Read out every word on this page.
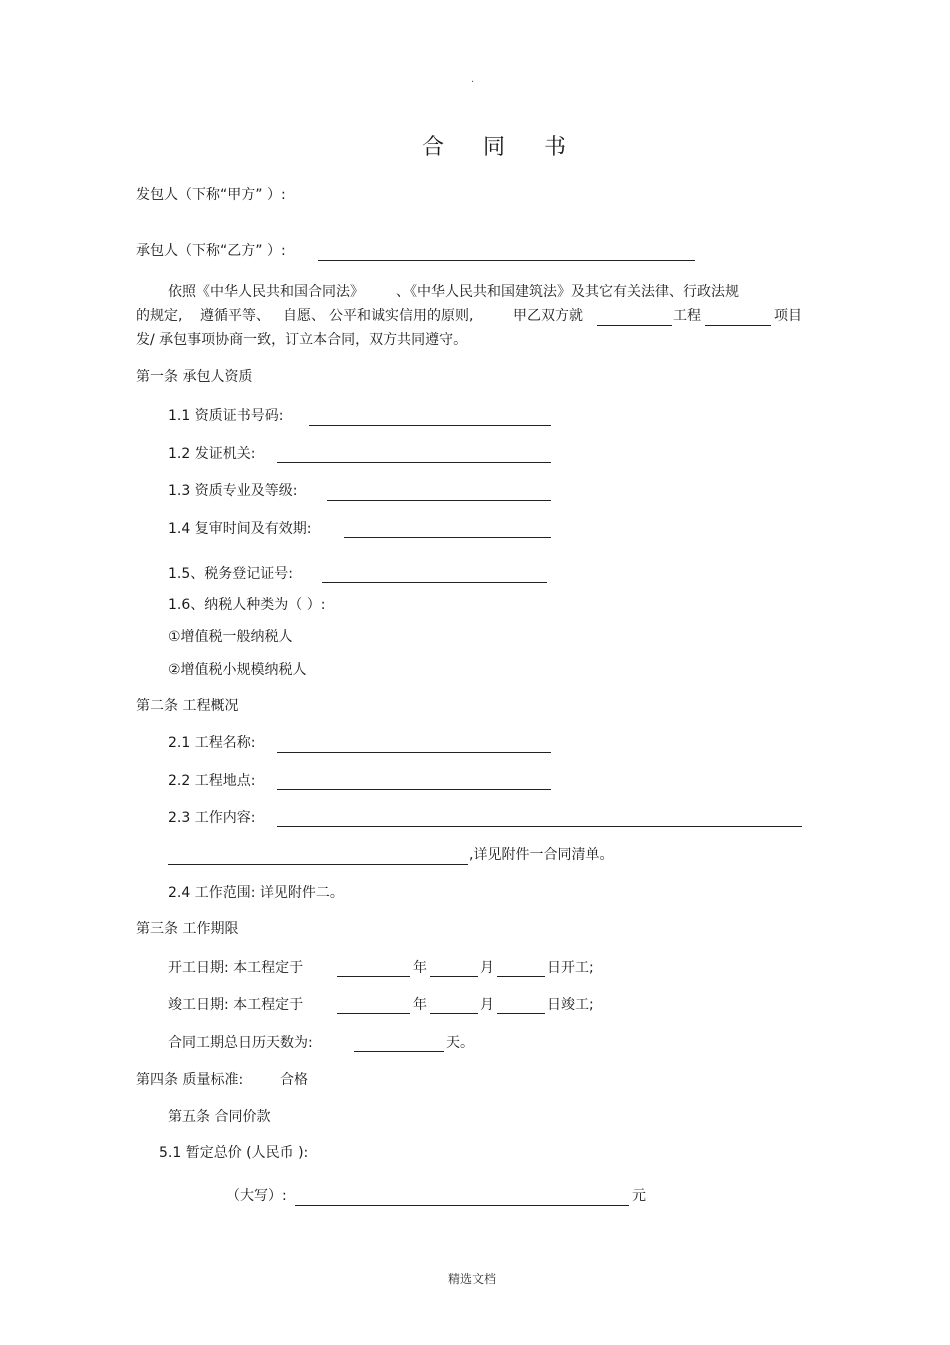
.
合 同 书
发包人（下称“甲方” ）:
承包人（下称“乙方” ）:
依照《中华人民共和国合同法》 、《中华人民共和国建筑法》及其它有关法律、行政法规
的规定, 遵循平等、 自愿、 公平和诚实信用的原则,	甲乙双方就	工程	项目
发/ 承包事项协商一致，订立本合同，双方共同遵守。
第一条 承包人资质
1.1 资质证书号码:
1.2 发证机关:
1.3 资质专业及等级:
1.4 复审时间及有效期:
1.5、税务登记证号:
1.6、纳税人种类为（ ）:
①增值税一般纳税人
②增值税小规模纳税人
第二条 工程概况
2.1 工程名称:
2.2 工程地点:
2.3 工作内容:
,详见附件一合同清单。
2.4 工作范围: 详见附件二。
第三条 工作期限
开工日期: 本工程定于	年	月	日开工;
竣工日期: 本工程定于	年	月	日竣工;
合同工期总日历天数为:	天。
第四条 质量标准:	合格
第五条 合同价款
5.1 暂定总价 (人民币 ):
（大写）:	元
精选文档
